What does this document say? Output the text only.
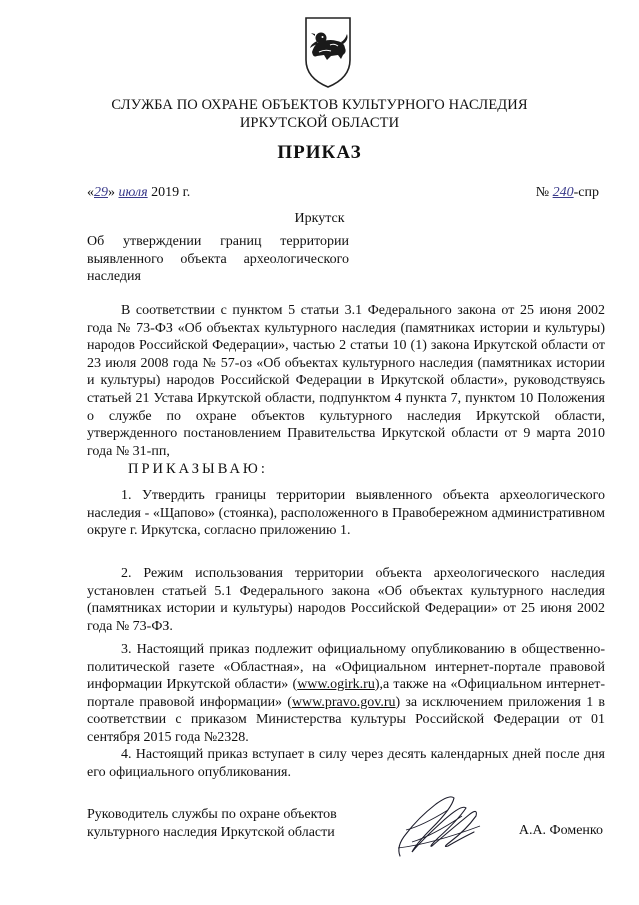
СЛУЖБА ПО ОХРАНЕ ОБЪЕКТОВ КУЛЬТУРНОГО НАСЛЕДИЯ
ИРКУТСКОЙ ОБЛАСТИ
ПРИКАЗ
«29» июля 2019 г.	№ 240-спр
Иркутск
Об утверждении границ территории выявленного объекта археологического наследия
В соответствии с пунктом 5 статьи 3.1 Федерального закона от 25 июня 2002 года № 73-ФЗ «Об объектах культурного наследия (памятниках истории и культуры) народов Российской Федерации», частью 2 статьи 10 (1) закона Иркутской области от 23 июля 2008 года № 57-оз «Об объектах культурного наследия (памятниках истории и культуры) народов Российской Федерации в Иркутской области», руководствуясь статьей 21 Устава Иркутской области, подпунктом 4 пункта 7, пунктом 10 Положения о службе по охране объектов культурного наследия Иркутской области, утвержденного постановлением Правительства Иркутской области от 9 марта 2010 года № 31-пп,
ПРИКАЗЫВАЮ:
1. Утвердить границы территории выявленного объекта археологического наследия - «Щапово» (стоянка), расположенного в Правобережном административном округе г. Иркутска, согласно приложению 1.
2. Режим использования территории объекта археологического наследия установлен статьей 5.1 Федерального закона «Об объектах культурного наследия (памятниках истории и культуры) народов Российской Федерации» от 25 июня 2002 года № 73-ФЗ.
3. Настоящий приказ подлежит официальному опубликованию в общественно-политической газете «Областная», на «Официальном интернет-портале правовой информации Иркутской области» (www.ogirk.ru),а также на «Официальном интернет-портале правовой информации» (www.pravo.gov.ru) за исключением приложения 1 в соответствии с приказом Министерства культуры Российской Федерации от 01 сентября 2015 года №2328.
4. Настоящий приказ вступает в силу через десять календарных дней после дня его официального опубликования.
Руководитель службы по охране объектов
культурного наследия Иркутской области	А.А. Фоменко
